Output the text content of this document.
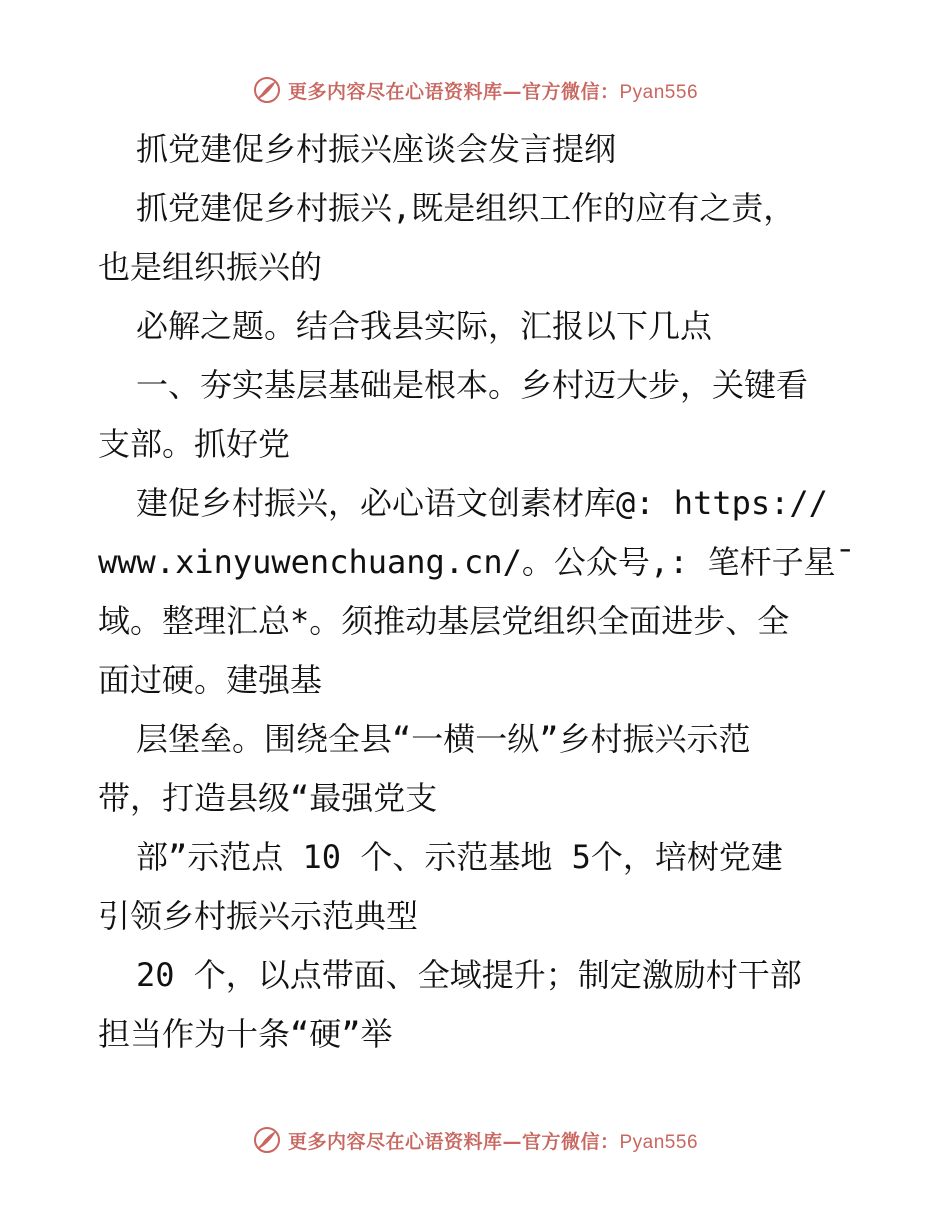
更多内容尽在心语资料库—官方微信：Pyan556
抓党建促乡村振兴座谈会发言提纲
抓党建促乡村振兴,既是组织工作的应有之责，
也是组织振兴的
必解之题。结合我县实际，汇报以下几点
一、夯实基层基础是根本。乡村迈大步，关键看
支部。抓好党
建促乡村振兴，必心语文创素材库@: https://
www.xinyuwenchuang.cn/。公众号,: 笔杆子星¯
域。整理汇总*。须推动基层党组织全面进步、全
面过硬。建强基
层堡垒。围绕全县“一横一纵”乡村振兴示范
带，打造县级“最强党支
部”示范点 10 个、示范基地 5个，培树党建
引领乡村振兴示范典型
20 个，以点带面、全域提升；制定激励村干部
担当作为十条“硬”举
更多内容尽在心语资料库—官方微信：Pyan556
